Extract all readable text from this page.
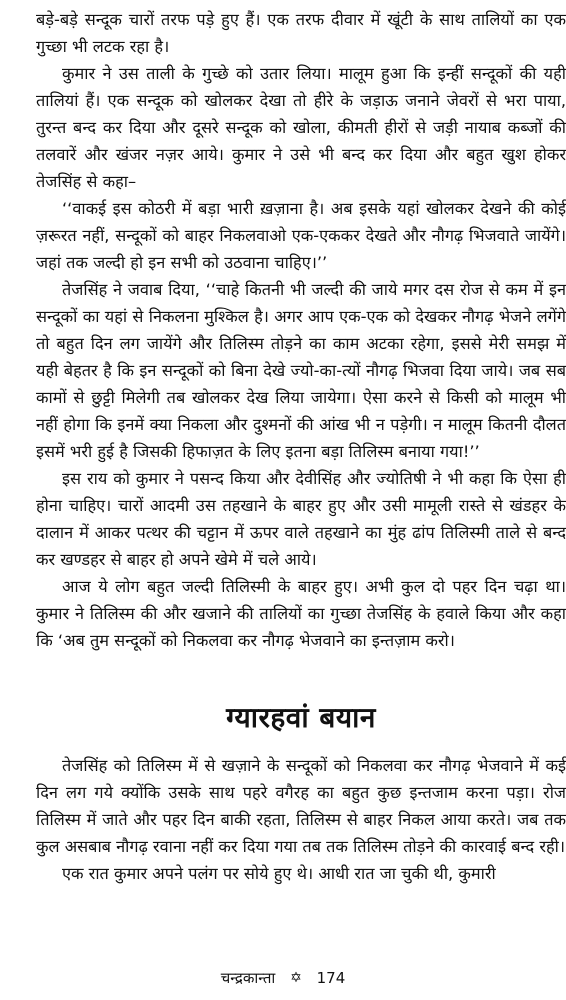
बड़े-बड़े सन्दूक चारों तरफ पड़े हुए हैं। एक तरफ दीवार में खूंटी के साथ तालियों का एक गुच्छा भी लटक रहा है।

कुमार ने उस ताली के गुच्छे को उतार लिया। मालूम हुआ कि इन्हीं सन्दूकों की यही तालियां हैं। एक सन्दूक को खोलकर देखा तो हीरे के जड़ाऊ जनाने जेवरों से भरा पाया, तुरन्त बन्द कर दिया और दूसरे सन्दूक को खोला, कीमती हीरों से जड़ी नायाब कब्जों की तलवारें और खंजर नज़र आये। कुमार ने उसे भी बन्द कर दिया और बहुत खुश होकर तेजसिंह से कहा–

‘‘वाकई इस कोठरी में बड़ा भारी ख़ज़ाना है। अब इसके यहां खोलकर देखने की कोई ज़रूरत नहीं, सन्दूकों को बाहर निकलवाओ एक-एककर देखते और नौगढ़ भिजवाते जायेंगे। जहां तक जल्दी हो इन सभी को उठवाना चाहिए।’’

तेजसिंह ने जवाब दिया, ‘‘चाहे कितनी भी जल्दी की जाये मगर दस रोज से कम में इन सन्दूकों का यहां से निकलना मुश्किल है। अगर आप एक-एक को देखकर नौगढ़ भेजने लगेंगे तो बहुत दिन लग जायेंगे और तिलिस्म तोड़ने का काम अटका रहेगा, इससे मेरी समझ में यही बेहतर है कि इन सन्दूकों को बिना देखे ज्यो-का-त्यों नौगढ़ भिजवा दिया जाये। जब सब कामों से छुट्टी मिलेगी तब खोलकर देख लिया जायेगा। ऐसा करने से किसी को मालूम भी नहीं होगा कि इनमें क्या निकला और दुश्मनों की आंख भी न पड़ेगी। न मालूम कितनी दौलत इसमें भरी हुई है जिसकी हिफाज़त के लिए इतना बड़ा तिलिस्म बनाया गया!’’

इस राय को कुमार ने पसन्द किया और देवीसिंह और ज्योतिषी ने भी कहा कि ऐसा ही होना चाहिए। चारों आदमी उस तहखाने के बाहर हुए और उसी मामूली रास्ते से खंडहर के दालान में आकर पत्थर की चट्टान में ऊपर वाले तहखाने का मुंह ढांप तिलिस्मी ताले से बन्द कर खण्डहर से बाहर हो अपने खेमे में चले आये।

आज ये लोग बहुत जल्दी तिलिस्मी के बाहर हुए। अभी कुल दो पहर दिन चढ़ा था। कुमार ने तिलिस्म की और खजाने की तालियों का गुच्छा तेजसिंह के हवाले किया और कहा कि ‘अब तुम सन्दूकों को निकलवा कर नौगढ़ भेजवाने का इन्तज़ाम करो।

ग्यारहवां बयान

तेजसिंह को तिलिस्म में से खज़ाने के सन्दूकों को निकलवा कर नौगढ़ भेजवाने में कई दिन लग गये क्योंकि उसके साथ पहरे वगैरह का बहुत कुछ इन्तजाम करना पड़ा। रोज तिलिस्म में जाते और पहर दिन बाकी रहता, तिलिस्म से बाहर निकल आया करते। जब तक कुल असबाब नौगढ़ रवाना नहीं कर दिया गया तब तक तिलिस्म तोड़ने की कारवाई बन्द रही।

एक रात कुमार अपने पलंग पर सोये हुए थे। आधी रात जा चुकी थी, कुमारी

चन्द्रकान्ता ✡ 174
